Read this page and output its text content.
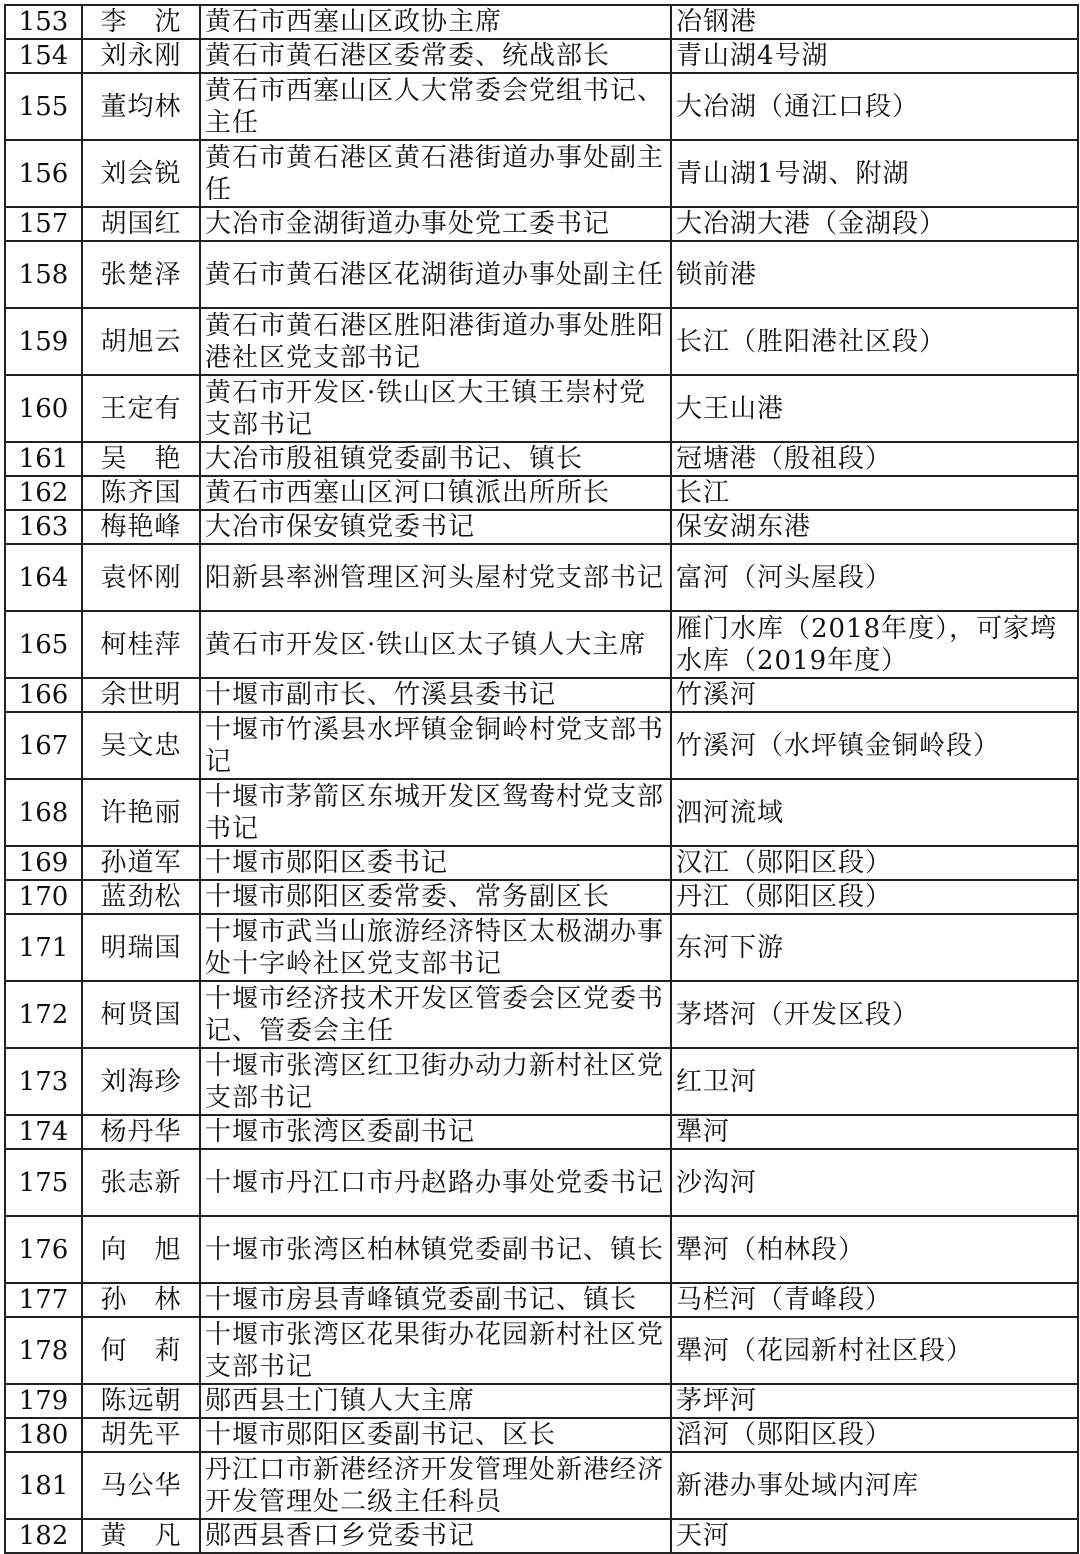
153	李　沈	黄石市西塞山区政协主席	冶钢港
154	刘永刚	黄石市黄石港区委常委、统战部长	青山湖4号湖
155	董均林	黄石市西塞山区人大常委会党组书记、主任	大冶湖（通江口段）
156	刘会锐	黄石市黄石港区黄石港街道办事处副主任	青山湖1号湖、附湖
157	胡国红	大冶市金湖街道办事处党工委书记	大冶湖大港（金湖段）
158	张楚泽	黄石市黄石港区花湖街道办事处副主任	锁前港
159	胡旭云	黄石市黄石港区胜阳港街道办事处胜阳港社区党支部书记	长江（胜阳港社区段）
160	王定有	黄石市开发区·铁山区大王镇王崇村党支部书记	大王山港
161	吴　艳	大冶市殷祖镇党委副书记、镇长	冠塘港（殷祖段）
162	陈齐国	黄石市西塞山区河口镇派出所所长	长江
163	梅艳峰	大冶市保安镇党委书记	保安湖东港
164	袁怀刚	阳新县率洲管理区河头屋村党支部书记	富河（河头屋段）
165	柯桂萍	黄石市开发区·铁山区太子镇人大主席	雁门水库（2018年度），可家塆水库（2019年度）
166	余世明	十堰市副市长、竹溪县委书记	竹溪河
167	吴文忠	十堰市竹溪县水坪镇金铜岭村党支部书记	竹溪河（水坪镇金铜岭段）
168	许艳丽	十堰市茅箭区东城开发区鸳鸯村党支部书记	泗河流域
169	孙道军	十堰市郧阳区委书记	汉江（郧阳区段）
170	蓝劲松	十堰市郧阳区委常委、常务副区长	丹江（郧阳区段）
171	明瑞国	十堰市武当山旅游经济特区太极湖办事处十字岭社区党支部书记	东河下游
172	柯贤国	十堰市经济技术开发区管委会区党委书记、管委会主任	茅塔河（开发区段）
173	刘海珍	十堰市张湾区红卫街办动力新村社区党支部书记	红卫河
174	杨丹华	十堰市张湾区委副书记	犟河
175	张志新	十堰市丹江口市丹赵路办事处党委书记	沙沟河
176	向　旭	十堰市张湾区柏林镇党委副书记、镇长	犟河（柏林段）
177	孙　林	十堰市房县青峰镇党委副书记、镇长	马栏河（青峰段）
178	何　莉	十堰市张湾区花果街办花园新村社区党支部书记	犟河（花园新村社区段）
179	陈远朝	郧西县土门镇人大主席	茅坪河
180	胡先平	十堰市郧阳区委副书记、区长	滔河（郧阳区段）
181	马公华	丹江口市新港经济开发管理处新港经济开发管理处二级主任科员	新港办事处域内河库
182	黄　凡	郧西县香口乡党委书记	天河
